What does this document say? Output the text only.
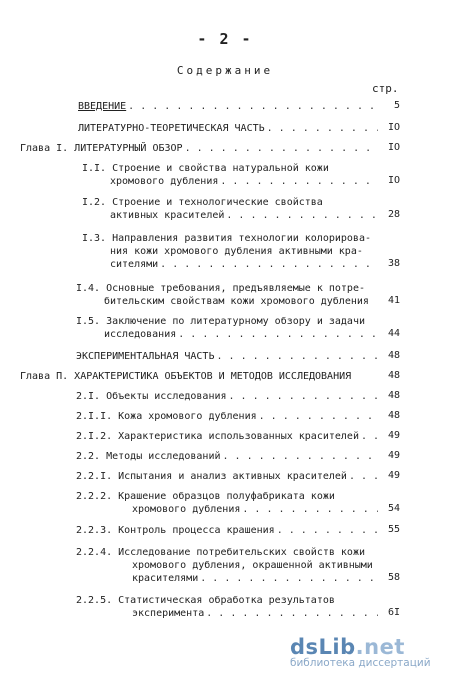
- 2 -
Содержание
стр.
ВВЕДЕНИЕ . . .	5
ЛИТЕРАТУРНО-ТЕОРЕТИЧЕСКАЯ ЧАСТЬ . . .	IO
Глава I. ЛИТЕРАТУРНЫЙ ОБЗОР . . .	IO
I.I. Строение и свойства натуральной кожи
хромового дубления . . .	IO
I.2. Строение и технологические свойства
активных красителей . . .	28
I.3. Направления развития технологии колорирова-
ния кожи хромового дубления активными кра-
сителями . . .	38
I.4. Основные требования, предъявляемые к потре-
бительским свойствам кожи хромового дубления	41
I.5. Заключение по литературному обзору и задачи
исследования . . .	44
ЭКСПЕРИМЕНТАЛЬНАЯ ЧАСТЬ . . .	48
Глава П. ХАРАКТЕРИСТИКА ОБЪЕКТОВ И МЕТОДОВ ИССЛЕДОВАНИЯ	48
2.I. Объекты исследования . . .	48
2.I.I. Кожа хромового дубления . . .	48
2.I.2. Характеристика использованных красителей . . .	49
2.2. Методы исследований . . .	49
2.2.I. Испытания и анализ активных красителей . . .	49
2.2.2. Крашение образцов полуфабриката кожи
хромового дубления . . .	54
2.2.3. Контроль процесса крашения . . .	55
2.2.4. Исследование потребительских свойств кожи
хромового дубления, окрашенной активными
красителями . . .	58
2.2.5. Статистическая обработка результатов
эксперимента . . .	6I
dsLib.net
библиотека диссертаций
